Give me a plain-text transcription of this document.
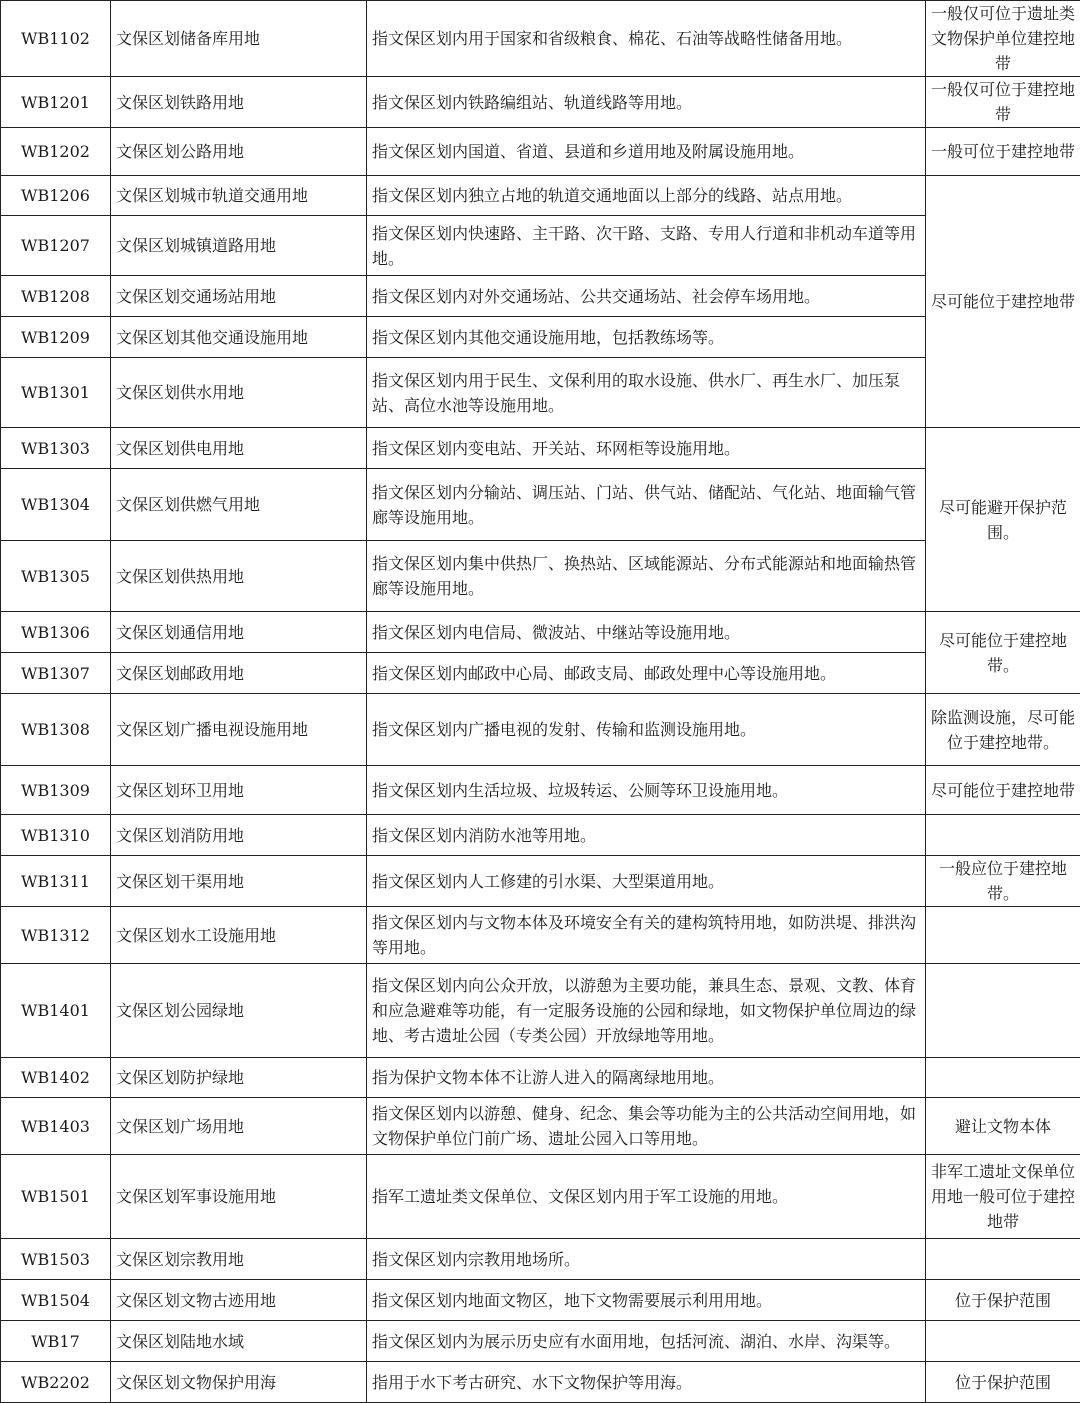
WB1102	文保区划储备库用地	指文保区划内用于国家和省级粮食、棉花、石油等战略性储备用地。	一般仅可位于遗址类文物保护单位建控地带
WB1201	文保区划铁路用地	指文保区划内铁路编组站、轨道线路等用地。	一般仅可位于建控地带
WB1202	文保区划公路用地	指文保区划内国道、省道、县道和乡道用地及附属设施用地。	一般可位于建控地带
WB1206	文保区划城市轨道交通用地	指文保区划内独立占地的轨道交通地面以上部分的线路、站点用地。	尽可能位于建控地带
WB1207	文保区划城镇道路用地	指文保区划内快速路、主干路、次干路、支路、专用人行道和非机动车道等用地。	
WB1208	文保区划交通场站用地	指文保区划内对外交通场站、公共交通场站、社会停车场用地。	
WB1209	文保区划其他交通设施用地	指文保区划内其他交通设施用地，包括教练场等。	
WB1301	文保区划供水用地	指文保区划内用于民生、文保利用的取水设施、供水厂、再生水厂、加压泵站、高位水池等设施用地。	
WB1303	文保区划供电用地	指文保区划内变电站、开关站、环网柜等设施用地。	尽可能避开保护范围。
WB1304	文保区划供燃气用地	指文保区划内分输站、调压站、门站、供气站、储配站、气化站、地面输气管廊等设施用地。	
WB1305	文保区划供热用地	指文保区划内集中供热厂、换热站、区域能源站、分布式能源站和地面输热管廊等设施用地。	
WB1306	文保区划通信用地	指文保区划内电信局、微波站、中继站等设施用地。	尽可能位于建控地带。
WB1307	文保区划邮政用地	指文保区划内邮政中心局、邮政支局、邮政处理中心等设施用地。	
WB1308	文保区划广播电视设施用地	指文保区划内广播电视的发射、传输和监测设施用地。	除监测设施，尽可能位于建控地带。
WB1309	文保区划环卫用地	指文保区划内生活垃圾、垃圾转运、公厕等环卫设施用地。	尽可能位于建控地带
WB1310	文保区划消防用地	指文保区划内消防水池等用地。	
WB1311	文保区划干渠用地	指文保区划内人工修建的引水渠、大型渠道用地。	一般应位于建控地带。
WB1312	文保区划水工设施用地	指文保区划内与文物本体及环境安全有关的建构筑特用地，如防洪堤、排洪沟等用地。	
WB1401	文保区划公园绿地	指文保区划内向公众开放，以游憩为主要功能，兼具生态、景观、文教、体育和应急避难等功能，有一定服务设施的公园和绿地，如文物保护单位周边的绿地、考古遗址公园（专类公园）开放绿地等用地。	
WB1402	文保区划防护绿地	指为保护文物本体不让游人进入的隔离绿地用地。	
WB1403	文保区划广场用地	指文保区划内以游憩、健身、纪念、集会等功能为主的公共活动空间用地，如文物保护单位门前广场、遗址公园入口等用地。	避让文物本体
WB1501	文保区划军事设施用地	指军工遗址类文保单位、文保区划内用于军工设施的用地。	非军工遗址文保单位用地一般可位于建控地带
WB1503	文保区划宗教用地	指文保区划内宗教用地场所。	
WB1504	文保区划文物古迹用地	指文保区划内地面文物区，地下文物需要展示利用用地。	位于保护范围
WB17	文保区划陆地水域	指文保区划内为展示历史应有水面用地，包括河流、湖泊、水岸、沟渠等。	
WB2202	文保区划文物保护用海	指用于水下考古研究、水下文物保护等用海。	位于保护范围
